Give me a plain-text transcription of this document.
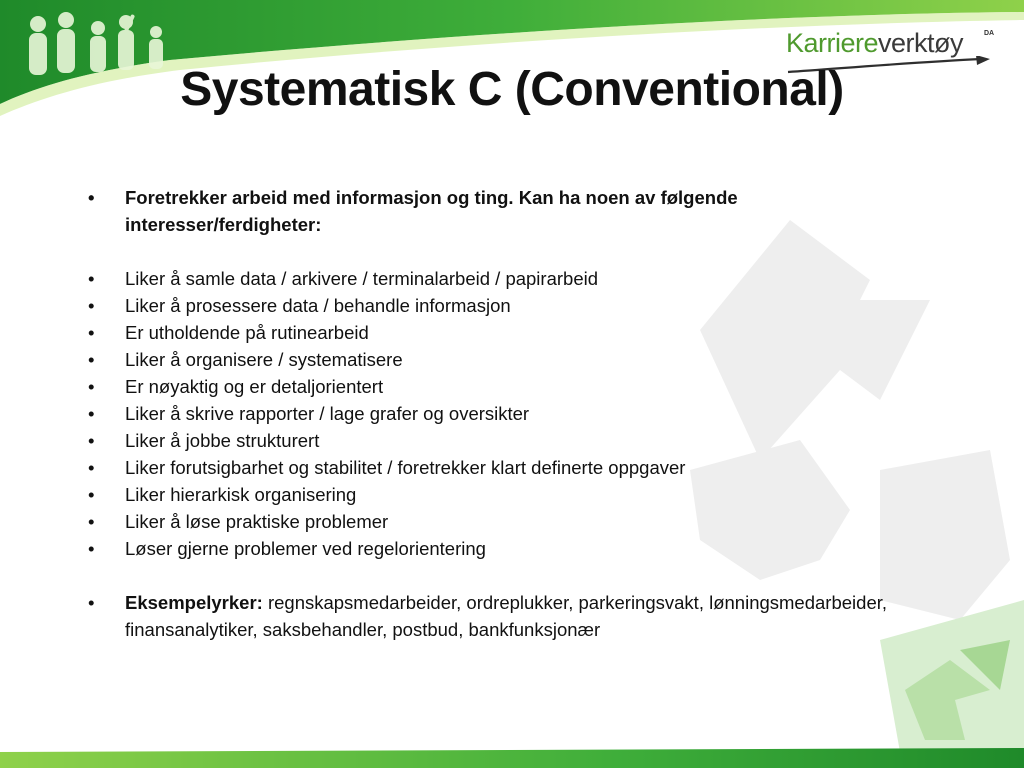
Karriereverktøy	DA
Systematisk C (Conventional)
•	Foretrekker arbeid med informasjon og ting. Kan ha noen av følgende interesser/ferdigheter:
•	Liker å samle data / arkivere / terminalarbeid / papirarbeid
•	Liker å prosessere data / behandle informasjon
•	Er utholdende på rutinearbeid
•	Liker å organisere / systematisere
•	Er nøyaktig og er detaljorientert
•	Liker å skrive rapporter / lage grafer og oversikter
•	Liker å jobbe strukturert
•	Liker forutsigbarhet og stabilitet / foretrekker klart definerte oppgaver
•	Liker hierarkisk organisering
•	Liker å løse praktiske problemer
•	Løser gjerne problemer ved regelorientering
•	Eksempelyrker: regnskapsmedarbeider, ordreplukker, parkeringsvakt, lønningsmedarbeider, finansanalytiker, saksbehandler, postbud, bankfunksjonær
